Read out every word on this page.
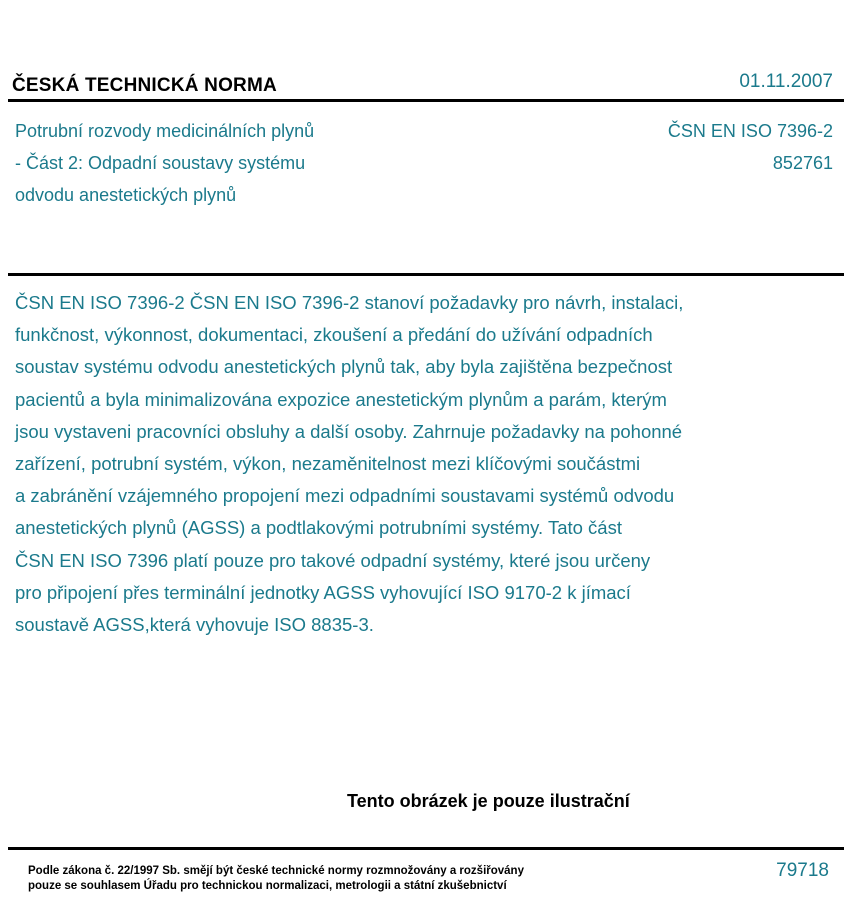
ČESKÁ TECHNICKÁ NORMA	01.11.2007
Potrubní rozvody medicinálních plynů
- Část 2: Odpadní soustavy systému
odvodu anestetických plynů
ČSN EN ISO 7396-2
852761
ČSN EN ISO 7396-2 ČSN EN ISO 7396-2 stanoví požadavky pro návrh, instalaci,
funkčnost, výkonnost, dokumentaci, zkoušení a předání do užívání odpadních
soustav systému odvodu anestetických plynů tak, aby byla zajištěna bezpečnost
pacientů a byla minimalizována expozice anestetickým plynům a parám, kterým
jsou vystaveni pracovníci obsluhy a další osoby. Zahrnuje požadavky na pohonné
zařízení, potrubní systém, výkon, nezaměnitelnost mezi klíčovými součástmi
a zabránění vzájemného propojení mezi odpadními soustavami systémů odvodu
anestetických plynů (AGSS) a podtlakovými potrubními systémy. Tato část
ČSN EN ISO 7396 platí pouze pro takové odpadní systémy, které jsou určeny
pro připojení přes terminální jednotky AGSS vyhovující ISO 9170-2 k jímací
soustavě AGSS,která vyhovuje ISO 8835-3.
Tento obrázek je pouze ilustrační
Podle zákona č. 22/1997 Sb. smějí být české technické normy rozmnožovány a rozšiřovány
pouze se souhlasem Úřadu pro technickou normalizaci, metrologii a státní zkušebnictví
79718
